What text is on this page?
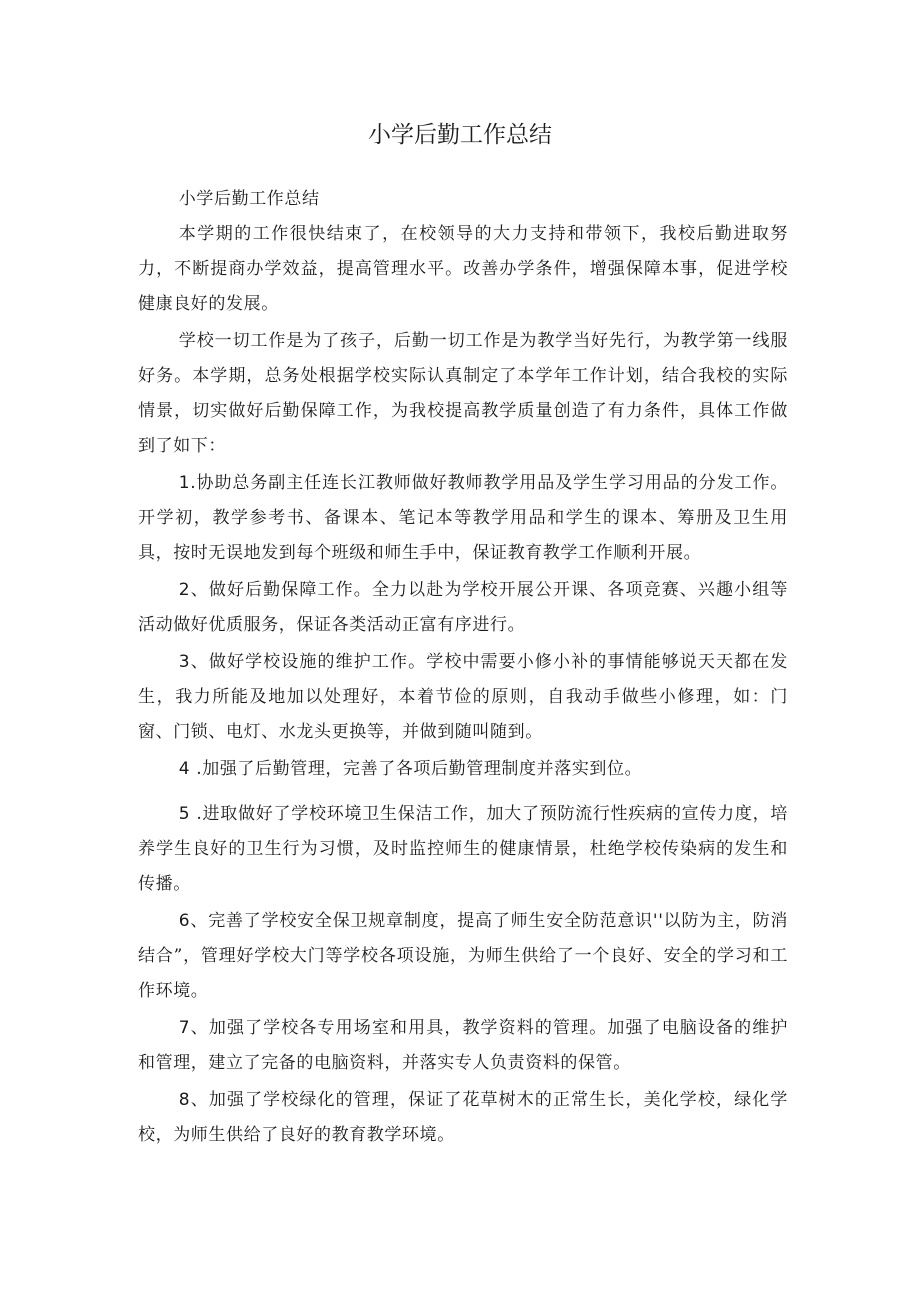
小学后勤工作总结

小学后勤工作总结

本学期的工作很快结束了，在校领导的大力支持和带领下，我校后勤进取努力，不断提商办学效益，提高管理水平。改善办学条件，增强保障本事，促进学校健康良好的发展。

学校一切工作是为了孩子，后勤一切工作是为教学当好先行，为教学第一线服好务。本学期，总务处根据学校实际认真制定了本学年工作计划，结合我校的实际情景，切实做好后勤保障工作，为我校提高教学质量创造了有力条件，具体工作做到了如下：

1.协助总务副主任连长江教师做好教师教学用品及学生学习用品的分发工作。开学初，教学参考书、备课本、笔记本等教学用品和学生的课本、筹册及卫生用具，按时无误地发到每个班级和师生手中，保证教育教学工作顺利开展。

2、做好后勤保障工作。全力以赴为学校开展公开课、各项竞赛、兴趣小组等活动做好优质服务，保证各类活动正富有序进行。

3、做好学校设施的维护工作。学校中需要小修小补的事情能够说天天都在发生，我力所能及地加以处理好，本着节俭的原则，自我动手做些小修理，如：门窗、门锁、电灯、水龙头更换等，并做到随叫随到。

4 .加强了后勤管理，完善了各项后勤管理制度并落实到位。

5 .进取做好了学校环境卫生保洁工作，加大了预防流行性疾病的宣传力度，培养学生良好的卫生行为习惯，及时监控师生的健康情景，杜绝学校传染病的发生和传播。

6、完善了学校安全保卫规章制度，提高了师生安全防范意识''以防为主，防消结合”，管理好学校大门等学校各项设施，为师生供给了一个良好、安全的学习和工作环境。

7、加强了学校各专用场室和用具，教学资料的管理。加强了电脑设备的维护和管理，建立了完备的电脑资料，并落实专人负责资料的保管。

8、加强了学校绿化的管理，保证了花草树木的正常生长，美化学校，绿化学校，为师生供给了良好的教育教学环境。
